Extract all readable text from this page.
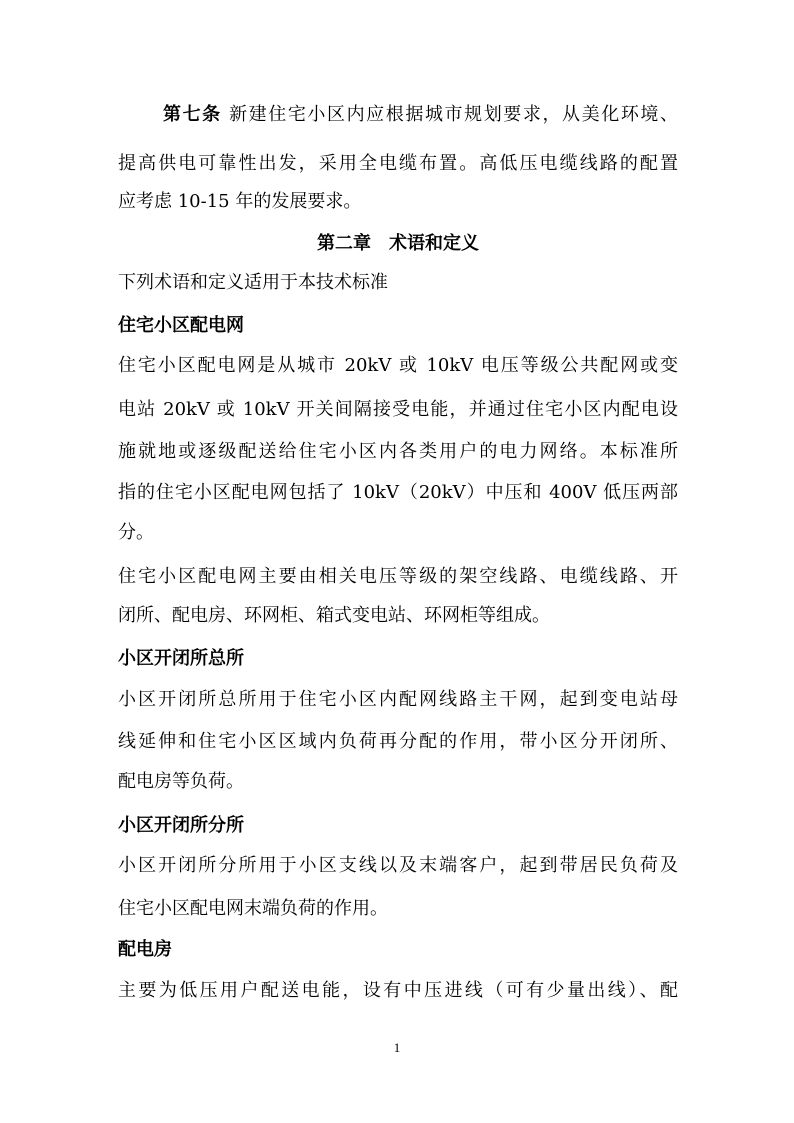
第七条 新建住宅小区内应根据城市规划要求，从美化环境、
提高供电可靠性出发，采用全电缆布置。高低压电缆线路的配置
应考虑 10-15 年的发展要求。
第二章　术语和定义
下列术语和定义适用于本技术标准
住宅小区配电网
住宅小区配电网是从城市 20kV 或 10kV 电压等级公共配网或变
电站 20kV 或 10kV 开关间隔接受电能，并通过住宅小区内配电设
施就地或逐级配送给住宅小区内各类用户的电力网络。本标准所
指的住宅小区配电网包括了 10kV（20kV）中压和 400V 低压两部
分。
住宅小区配电网主要由相关电压等级的架空线路、电缆线路、开
闭所、配电房、环网柜、箱式变电站、环网柜等组成。
小区开闭所总所
小区开闭所总所用于住宅小区内配网线路主干网，起到变电站母
线延伸和住宅小区区域内负荷再分配的作用，带小区分开闭所、
配电房等负荷。
小区开闭所分所
小区开闭所分所用于小区支线以及末端客户，起到带居民负荷及
住宅小区配电网末端负荷的作用。
配电房
主要为低压用户配送电能，设有中压进线（可有少量出线）、配
1
